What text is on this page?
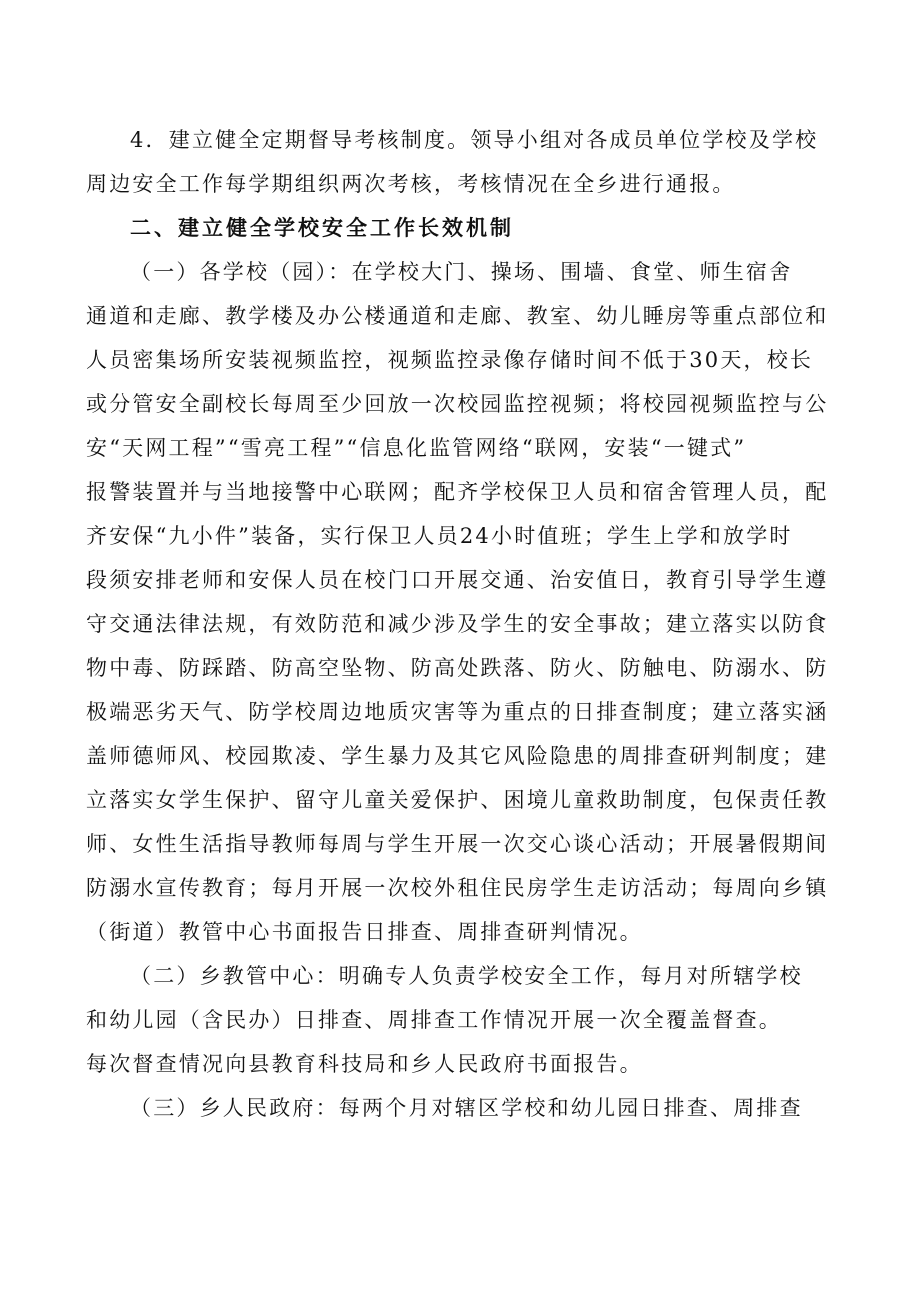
4．建立健全定期督导考核制度。领导小组对各成员单位学校及学校
周边安全工作每学期组织两次考核，考核情况在全乡进行通报。
二、建立健全学校安全工作长效机制
（一）各学校（园）：在学校大门、操场、围墙、食堂、师生宿舍
通道和走廊、教学楼及办公楼通道和走廊、教室、幼儿睡房等重点部位和
人员密集场所安装视频监控，视频监控录像存储时间不低于30天，校长
或分管安全副校长每周至少回放一次校园监控视频；将校园视频监控与公
安“天网工程”“雪亮工程”“信息化监管网络“联网，安装“一键式”
报警装置并与当地接警中心联网；配齐学校保卫人员和宿舍管理人员，配
齐安保“九小件”装备，实行保卫人员24小时值班；学生上学和放学时
段须安排老师和安保人员在校门口开展交通、治安值日，教育引导学生遵
守交通法律法规，有效防范和减少涉及学生的安全事故；建立落实以防食
物中毒、防踩踏、防高空坠物、防高处跌落、防火、防触电、防溺水、防
极端恶劣天气、防学校周边地质灾害等为重点的日排查制度；建立落实涵
盖师德师风、校园欺凌、学生暴力及其它风险隐患的周排查研判制度；建
立落实女学生保护、留守儿童关爱保护、困境儿童救助制度，包保责任教
师、女性生活指导教师每周与学生开展一次交心谈心活动；开展暑假期间
防溺水宣传教育；每月开展一次校外租住民房学生走访活动；每周向乡镇
（街道）教管中心书面报告日排查、周排查研判情况。
（二）乡教管中心：明确专人负责学校安全工作，每月对所辖学校
和幼儿园（含民办）日排查、周排查工作情况开展一次全覆盖督查。
每次督查情况向县教育科技局和乡人民政府书面报告。
（三）乡人民政府：每两个月对辖区学校和幼儿园日排查、周排查
